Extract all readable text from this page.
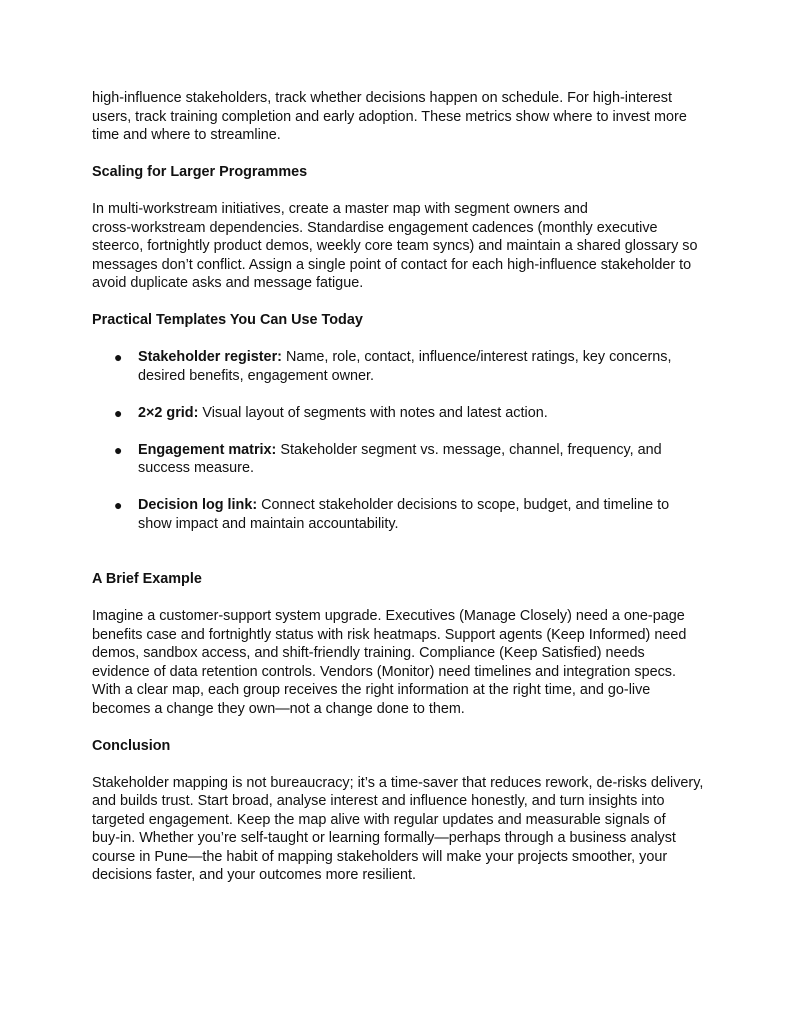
high-influence stakeholders, track whether decisions happen on schedule. For high-interest
users, track training completion and early adoption. These metrics show where to invest more
time and where to streamline.

Scaling for Larger Programmes

In multi-workstream initiatives, create a master map with segment owners and
cross-workstream dependencies. Standardise engagement cadences (monthly executive
steerco, fortnightly product demos, weekly core team syncs) and maintain a shared glossary so
messages don’t conflict. Assign a single point of contact for each high-influence stakeholder to
avoid duplicate asks and message fatigue.

Practical Templates You Can Use Today
● Stakeholder register: Name, role, contact, influence/interest ratings, key concerns,
desired benefits, engagement owner.
● 2×2 grid: Visual layout of segments with notes and latest action.
● Engagement matrix: Stakeholder segment vs. message, channel, frequency, and
success measure.
● Decision log link: Connect stakeholder decisions to scope, budget, and timeline to
show impact and maintain accountability.
A Brief Example

Imagine a customer-support system upgrade. Executives (Manage Closely) need a one-page
benefits case and fortnightly status with risk heatmaps. Support agents (Keep Informed) need
demos, sandbox access, and shift-friendly training. Compliance (Keep Satisfied) needs
evidence of data retention controls. Vendors (Monitor) need timelines and integration specs.
With a clear map, each group receives the right information at the right time, and go-live
becomes a change they own—not a change done to them.

Conclusion

Stakeholder mapping is not bureaucracy; it’s a time-saver that reduces rework, de-risks delivery,
and builds trust. Start broad, analyse interest and influence honestly, and turn insights into
targeted engagement. Keep the map alive with regular updates and measurable signals of
buy-in. Whether you’re self-taught or learning formally—perhaps through a business analyst
course in Pune—the habit of mapping stakeholders will make your projects smoother, your
decisions faster, and your outcomes more resilient.
